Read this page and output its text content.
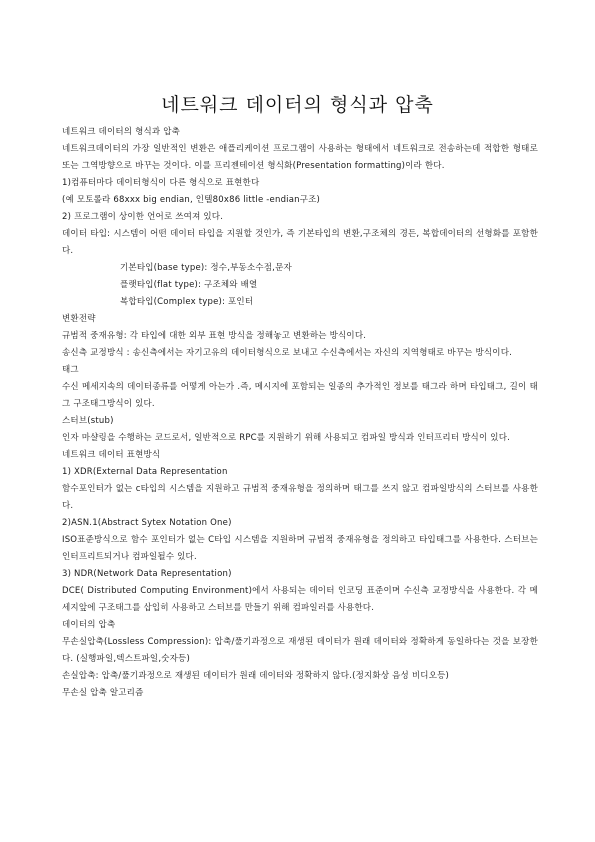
네트워크 데이터의 형식과 압축

네트워크 데이터의 형식과 압축

네트워크데이터의 가장 일반적인 변환은 애플리케이션 프로그램이 사용하는 형태에서 네트워크로 전송하는데 적합한 형태로 또는 그역방향으로 바꾸는 것이다. 이를 프리젠테이션 형식화(Presentation formatting)이라 한다.

1)컴퓨터마다 데이터형식이 다른 형식으로 표현한다

(예 모토롤라 68xxx big endian, 인텔80x86 little -endian구조)

2) 프로그램이 상이한 언어로 쓰여져 있다.

데이터 타입: 시스템이 어떤 데이터 타입을 지원할 것인가, 즉 기본타입의 변환,구조체의 경든, 복합데이터의 선형화를 포함한다.

기본타입(base type): 정수,부동소수점,문자

플랫타입(flat type): 구조체와 배열

복합타입(Complex type): 포인터

변환전략

규범적 중재유형: 각 타입에 대한 외부 표현 방식을 정해놓고 변환하는 방식이다.

송신측 교정방식 : 송신측에서는 자기고유의 데이터형식으로 보내고 수신측에서는 자신의 지역형태로 바꾸는 방식이다.

태그

수신 메세지속의 데이터종류를 어떻게 아는가 .즉, 메시지에 포함되는 일종의 추가적인 정보를 태그라 하며 타입태그, 길이 태그 구조태그방식이 있다.

스터브(stub)

인자 마샬링을 수행하는 코드로서, 일반적으로 RPC를 지원하기 위해 사용되고 컴파일 방식과 인터프리터 방식이 있다.

네트워크 데이터 표현방식

1) XDR(External Data Representation

함수포인터가 없는 c타입의 시스템을 지원하고 규범적 중재유형을 정의하며 태그를 쓰지 않고 컴파일방식의 스터브를 사용한다.

2)ASN.1(Abstract Sytex Notation One)

ISO표준방식으로 함수 포인터가 없는 C타입 시스템을 지원하며 규범적 중재유형을 정의하고 타입태그를 사용한다. 스터브는 인터프리트되거나 컴파일될수 있다.

3) NDR(Network Data Representation)

DCE( Distributed Computing Environment)에서 사용되는 데이터 인코딩 표준이며 수신측 교정방식을 사용한다. 각 메세지앞에 구조태그를 삽입히 사용하고 스터브를 만들기 위해 컴파일러를 사용한다.

데이터의 압축

무손실압축(Lossless Compression): 압축/풀기과정으로 재생된 데이터가 원래 데이터와 정확하게 동일하다는 것을 보장한다. (실행파일,텍스트파일,숫자등)

손실압축: 압축/풀기과정으로 재생된 데이터가 원래 데이터와 정확하지 않다.(정지화상 음성 비디오등)

무손실 압축 알고리즘
